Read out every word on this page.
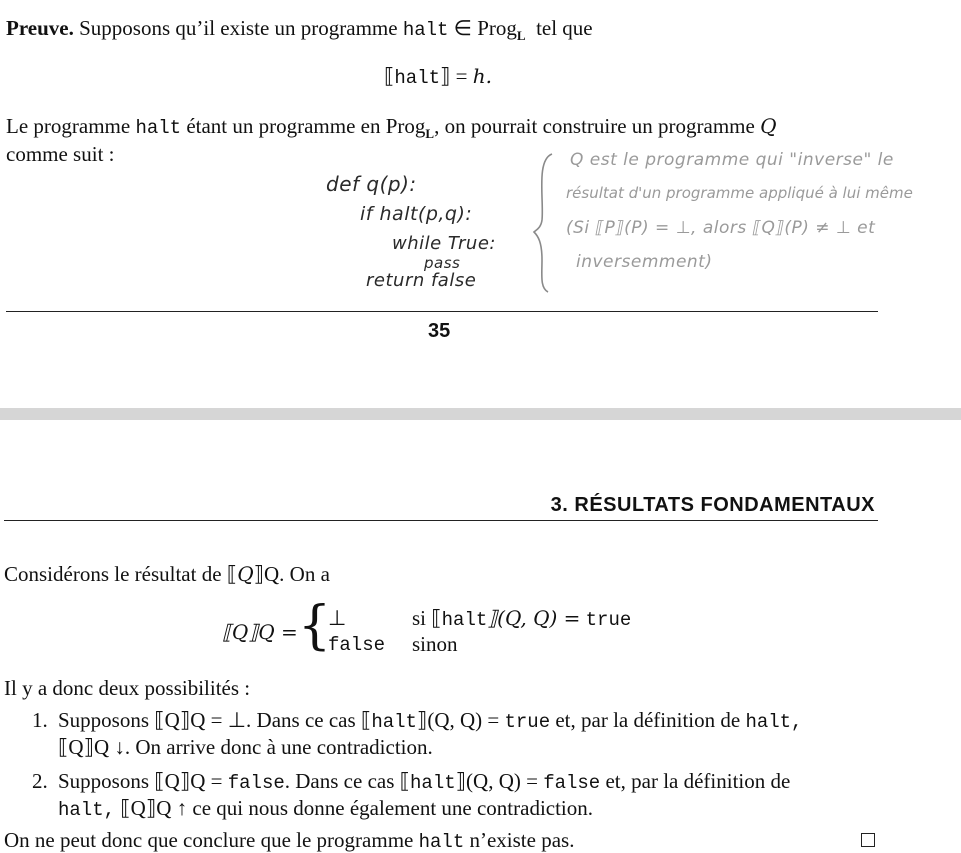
Preuve. Supposons qu’il existe un programme halt ∈ Prog$_L$ tel que
⟦halt⟧ = h.
Le programme halt étant un programme en Prog$_L$, on pourrait construire un programme Q
comme suit :
def q(p):
if halt(p,q):
while True:
pass
return false
Q est le programme qui "inverse" le
résultat d'un programme appliqué à lui même
(Si ⟦P⟧(P) = ⊥, alors ⟦Q⟧(P) ≠ ⊥ et
inversemment)
35
3. RÉSULTATS FONDAMENTAUX
Considérons le résultat de ⟦Q⟧Q. On a
⟦Q⟧Q = {
⊥	si ⟦halt⟧(Q, Q) = true
false sinon
Il y a donc deux possibilités :
1. Supposons ⟦Q⟧Q = ⊥. Dans ce cas ⟦halt⟧(Q, Q) = true et, par la définition de halt,
⟦Q⟧Q ↓. On arrive donc à une contradiction.
2. Supposons ⟦Q⟧Q = false. Dans ce cas ⟦halt⟧(Q, Q) = false et, par la définition de
halt, ⟦Q⟧Q ↑ ce qui nous donne également une contradiction.
On ne peut donc que conclure que le programme halt n’existe pas.
